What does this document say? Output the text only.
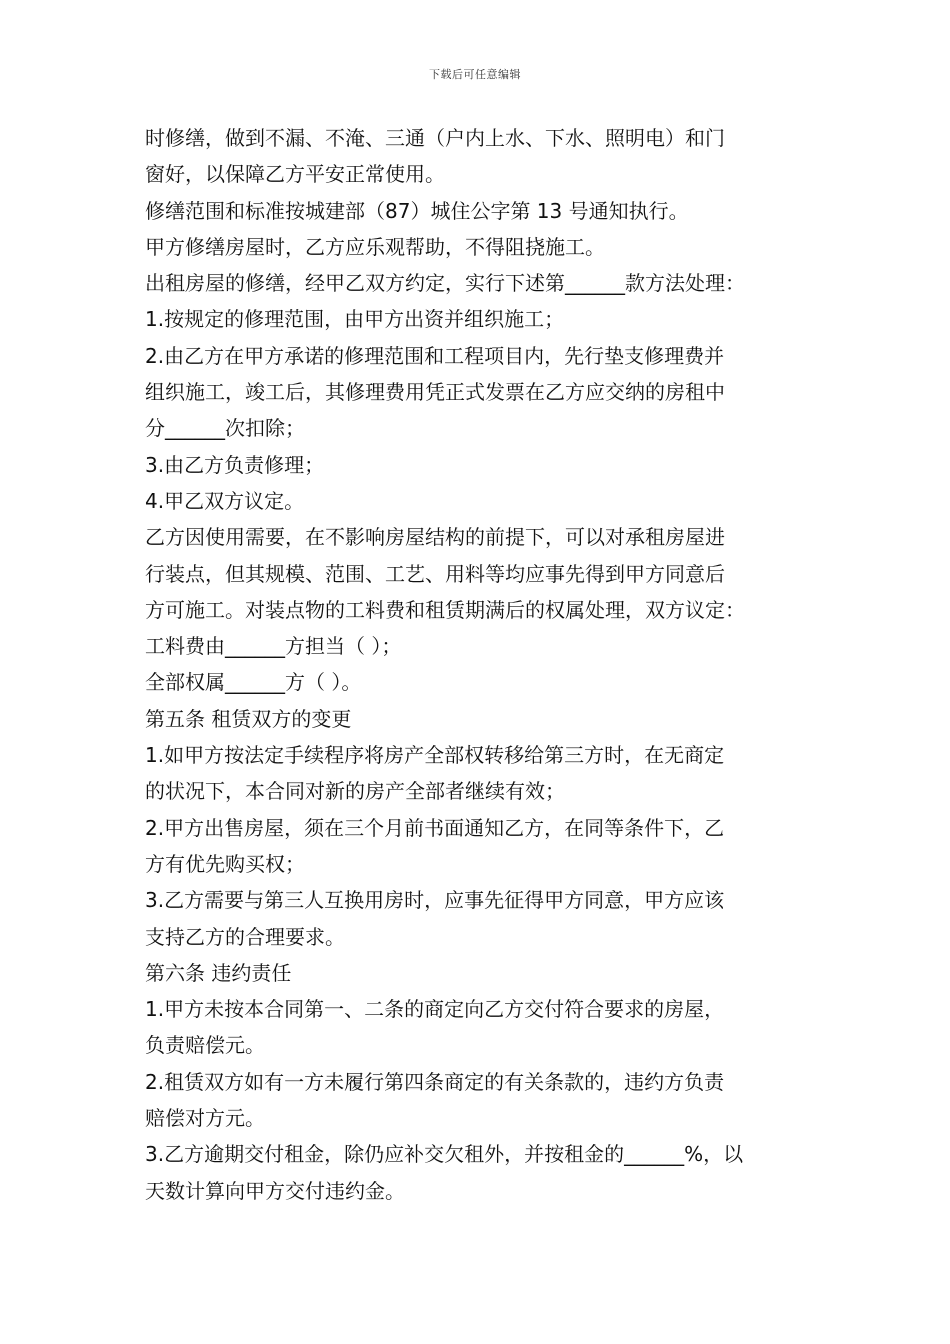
下载后可任意编辑

时修缮，做到不漏、不淹、三通（户内上水、下水、照明电）和门

窗好，以保障乙方平安正常使用。

修缮范围和标准按城建部（87）城住公字第 13 号通知执行。

甲方修缮房屋时，乙方应乐观帮助，不得阻挠施工。

出租房屋的修缮，经甲乙双方约定，实行下述第______款方法处理：

1.按规定的修理范围，由甲方出资并组织施工；

2.由乙方在甲方承诺的修理范围和工程项目内，先行垫支修理费并

组织施工，竣工后，其修理费用凭正式发票在乙方应交纳的房租中

分______次扣除；

3.由乙方负责修理；

4.甲乙双方议定。

乙方因使用需要，在不影响房屋结构的前提下，可以对承租房屋进

行装点，但其规模、范围、工艺、用料等均应事先得到甲方同意后

方可施工。对装点物的工料费和租赁期满后的权属处理，双方议定：

工料费由______方担当（ ）；

全部权属______方（ ）。

第五条 租赁双方的变更

1.如甲方按法定手续程序将房产全部权转移给第三方时，在无商定

的状况下，本合同对新的房产全部者继续有效；

2.甲方出售房屋，须在三个月前书面通知乙方，在同等条件下，乙

方有优先购买权；

3.乙方需要与第三人互换用房时，应事先征得甲方同意，甲方应该

支持乙方的合理要求。

第六条 违约责任

1.甲方未按本合同第一、二条的商定向乙方交付符合要求的房屋，

负责赔偿元。

2.租赁双方如有一方未履行第四条商定的有关条款的，违约方负责

赔偿对方元。

3.乙方逾期交付租金，除仍应补交欠租外，并按租金的______%，以

天数计算向甲方交付违约金。
